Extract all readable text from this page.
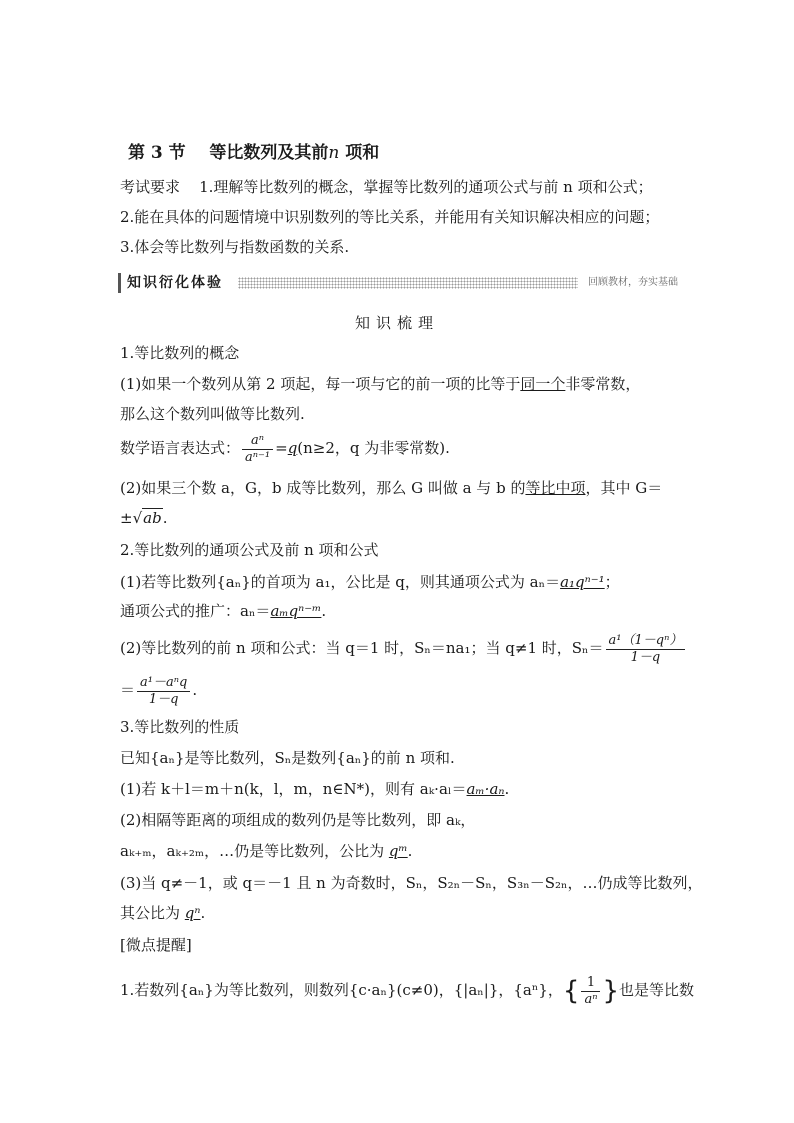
第 3 节 等比数列及其前n 项和
考试要求 1.理解等比数列的概念，掌握等比数列的通项公式与前 n 项和公式；
2.能在具体的问题情境中识别数列的等比关系，并能用有关知识解决相应的问题；
3.体会等比数列与指数函数的关系.
知识衍化体验	回顾教材，夯实基础
知识梳理
1.等比数列的概念
(1)如果一个数列从第 2 项起，每一项与它的前一项的比等于同一个非零常数，
那么这个数列叫做等比数列.
数学语言表达式： $\frac{\text{aⁿ}}{\text{aⁿ⁻¹}} =q(n\ge 2$，q 为非零常数).
(2)如果三个数 a，G，b 成等比数列，那么 G 叫做 a 与 b 的等比中项，其中 G＝
±√ab.
2.等比数列的通项公式及前 n 项和公式
(1)若等比数列{aₙ}的首项为 a₁，公比是 q，则其通项公式为 aₙ＝a₁qⁿ⁻¹；
通项公式的推广：aₙ＝aₘqⁿ⁻ᵐ.
(2)等比数列的前 n 项和公式：当 q＝1 时，Sₙ＝na₁；当 q≠1 时，$S_n= \frac{\text{a¹（1－qⁿ）}}{1-q}$
＝ $\frac{\text{a¹－aⁿq}}{1-q}$ .
3.等比数列的性质
已知{aₙ}是等比数列，Sₙ是数列{aₙ}的前 n 项和.
(1)若 k＋l＝m＋n(k，l，m，n∈N*)，则有 aₖ·aₗ＝aₘ·aₙ.
(2)相隔等距离的项组成的数列仍是等比数列，即 aₖ，
aₖ₊ₘ，aₖ₊₂ₘ，…仍是等比数列，公比为 qᵐ.
(3)当 q≠－1，或 q＝－1 且 n 为奇数时，Sₙ，S₂ₙ－Sₙ，S₃ₙ－S₂ₙ，…仍成等比数列，
其公比为 qⁿ.
[微点提醒]
1.若数列{aₙ}为等比数列，则数列{c·aₙ}(c≠0)，{|aₙ|}，{aⁿ}，{ $\frac{1}{\text{aⁿ}}$ }也是等比数
